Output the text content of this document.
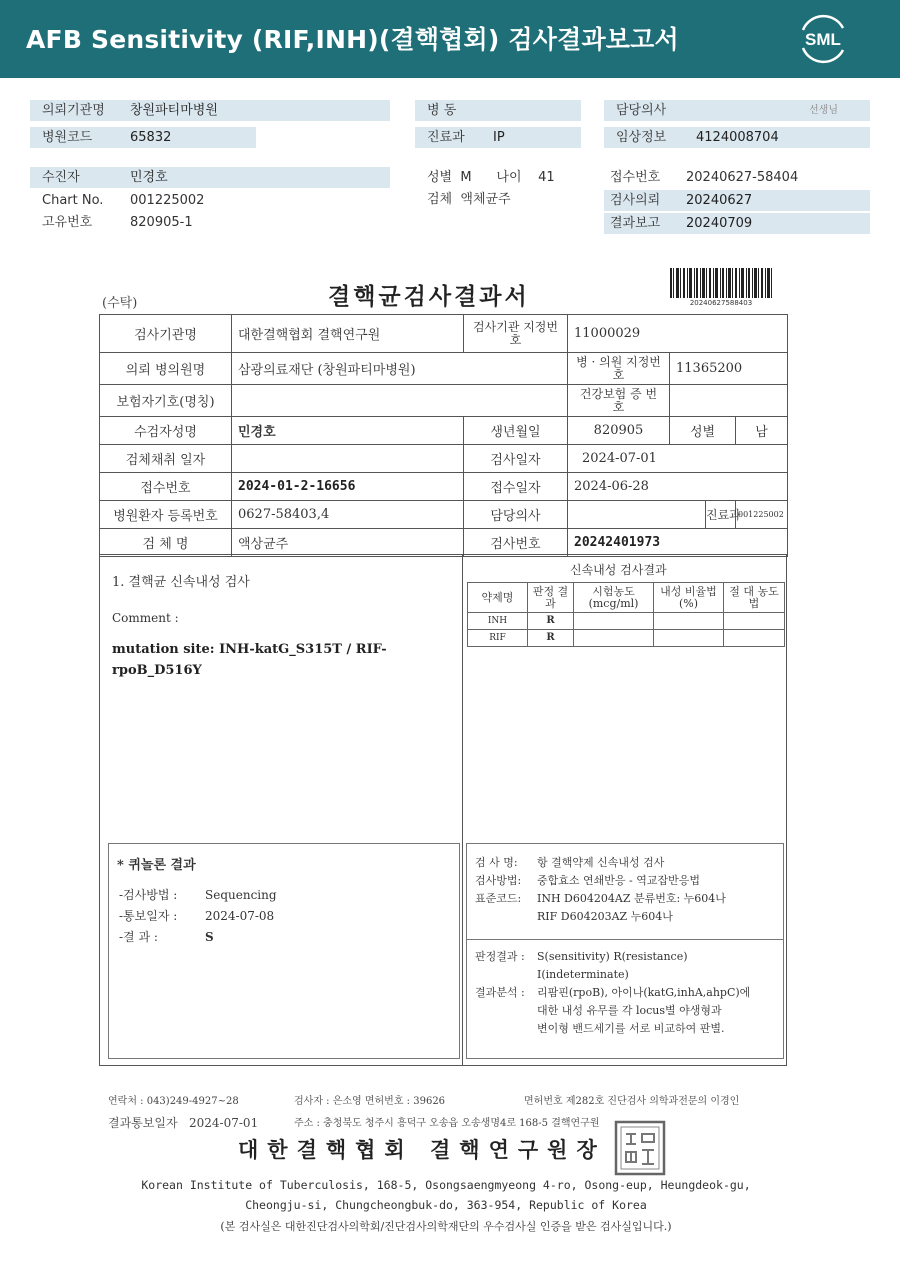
AFB Sensitivity (RIF,INH)(결핵협회) 검사결과보고서	SML
의뢰기관명 창원파티마병원
병원코드	65832
수진자	민경호
Chart No. 001225002
고유번호	820905-1
병 동
진료과 IP
성별 M 나이 41
검체 액체균주
담당의사	선생님
임상정보 4124008704
접수번호 20240627-58404
검사의뢰 20240627
결과보고 20240709
(수탁)	결핵균검사결과서	20240627588403
검사기관명	대한결핵협회 결핵연구원	검사기관 지정번호	11000029			
의뢰 병의원명	삼광의료재단 (창원파티마병원)		병 · 의원 지정번호	11365200		
보험자기호(명칭)			건강보험 증 번 호			
수검자성명	민경호	생년월일	820905	성별		남
검체채취 일자		검사일자	2024-07-01			
접수번호	2024-01-2-16656	접수일자	2024-06-28			
병원환자 등록번호	0627-58403,4	담당의사			진료과	001225002
검 체 명	액상균주	검사번호	20242401973			
1. 결핵균 신속내성 검사
Comment :
mutation site: INH-katG_S315T / RIF-rpoB_D516Y
신속내성 검사결과
약제명	판정 결과	시험농도 (mcg/ml)	내성 비율법(%)	절 대 농도법
INH	R			
RIF	R			
* 퀴놀론 결과
-검사방법 : Sequencing
-통보일자 : 2024-07-08
-결 과 :	S
검 사 명: 항 결핵약제 신속내성 검사
검사방법: 중합효소 연쇄반응 - 역교잡반응법
표준코드: INH D604204AZ 분류번호: 누604나
RIF D604203AZ 누604나
판정결과 : S(sensitivity) R(resistance)
I(indeterminate)
결과분석 : 리팜핀(rpoB), 아이나(katG,inhA,ahpC)에
대한 내성 유무를 각 locus별 야생형과
변이형 밴드세기를 서로 비교하여 판별.
연락처 : 043)249-4927~28	검사자 : 은소영 면허번호 : 39626	면허번호 제282호 진단검사 의학과전문의 이경인
결과통보일자 2024-07-01	주소 : 충청북도 청주시 흥덕구 오송읍 오송생명4로 168-5 결핵연구원
대한결핵협회 결핵연구원장
Korean Institute of Tuberculosis, 168-5, Osongsaengmyeong 4-ro, Osong-eup, Heungdeok-gu,
Cheongju-si, Chungcheongbuk-do, 363-954, Republic of Korea
(본 검사실은 대한진단검사의학회/진단검사의학재단의 우수검사실 인증을 받은 검사실입니다.)
